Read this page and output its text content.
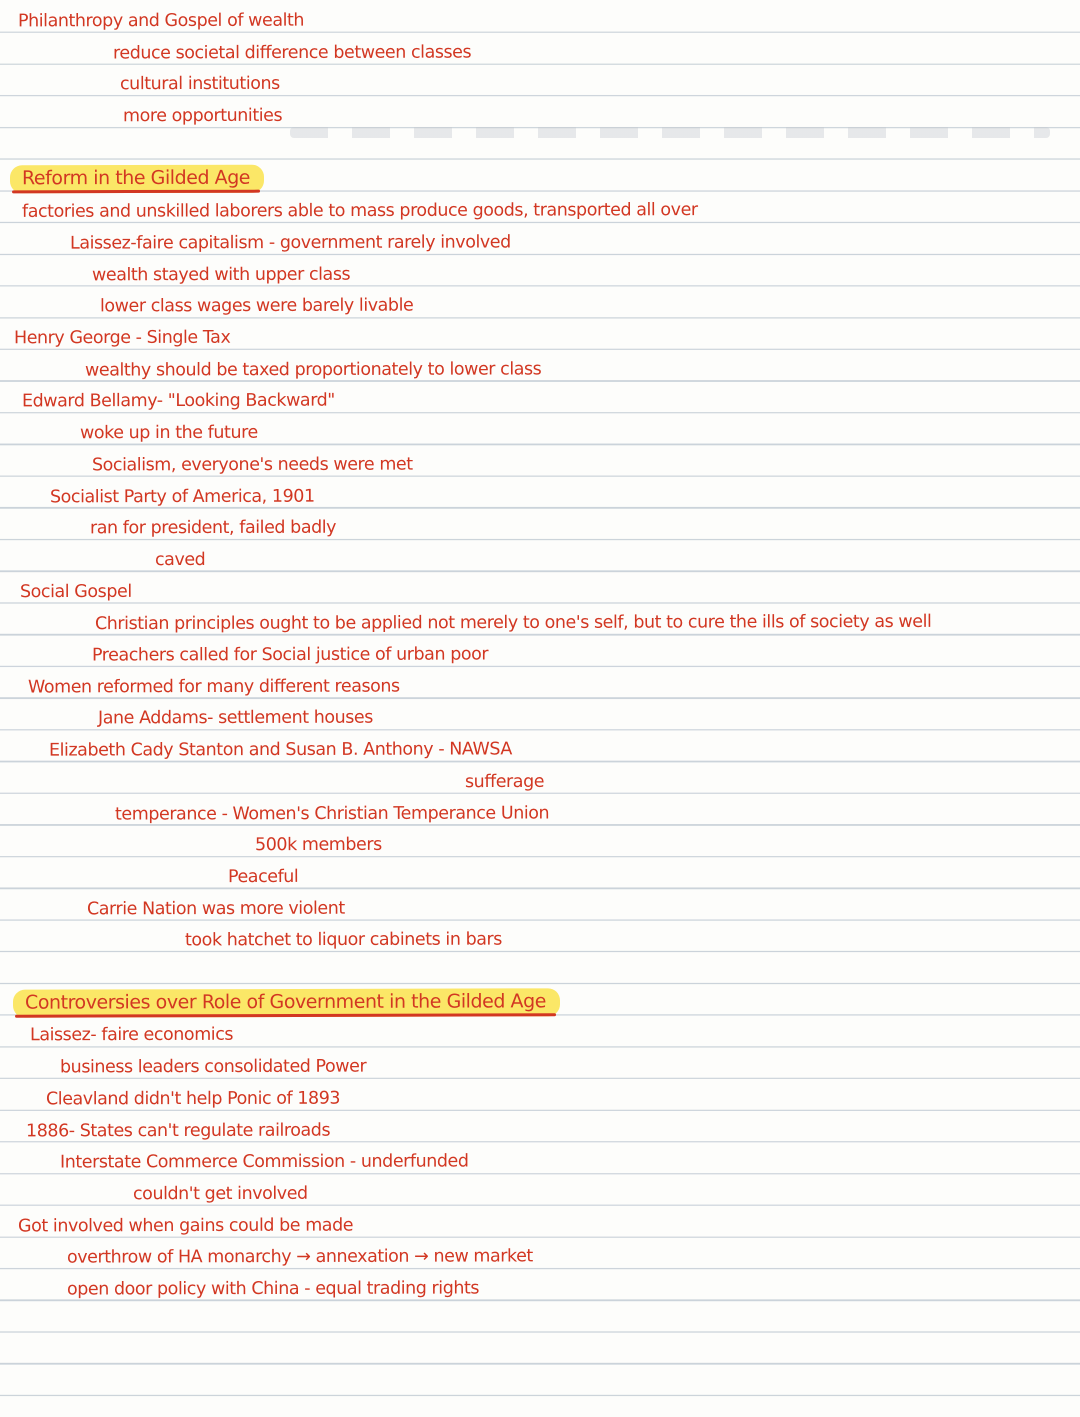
Philanthropy and Gospel of wealth
reduce societal difference between classes
cultural institutions
more opportunities
Reform in the Gilded Age
factories and unskilled laborers able to mass produce goods, transported all over
Laissez-faire capitalism - government rarely involved
wealth stayed with upper class
lower class wages were barely livable
Henry George - Single Tax
wealthy should be taxed proportionately to lower class
Edward Bellamy- "Looking Backward"
woke up in the future
Socialism, everyone's needs were met
Socialist Party of America, 1901
ran for president, failed badly
caved
Social Gospel
Christian principles ought to be applied not merely to one's self, but to cure the ills of society as well
Preachers called for Social justice of urban poor
Women reformed for many different reasons
Jane Addams- settlement houses
Elizabeth Cady Stanton and Susan B. Anthony - NAWSA
sufferage
temperance - Women's Christian Temperance Union
500k members
Peaceful
Carrie Nation was more violent
took hatchet to liquor cabinets in bars
Controversies over Role of Government in the Gilded Age
Laissez- faire economics
business leaders consolidated Power
Cleavland didn't help Ponic of 1893
1886- States can't regulate railroads
Interstate Commerce Commission - underfunded
couldn't get involved
Got involved when gains could be made
overthrow of HA monarchy → annexation → new market
open door policy with China - equal trading rights
